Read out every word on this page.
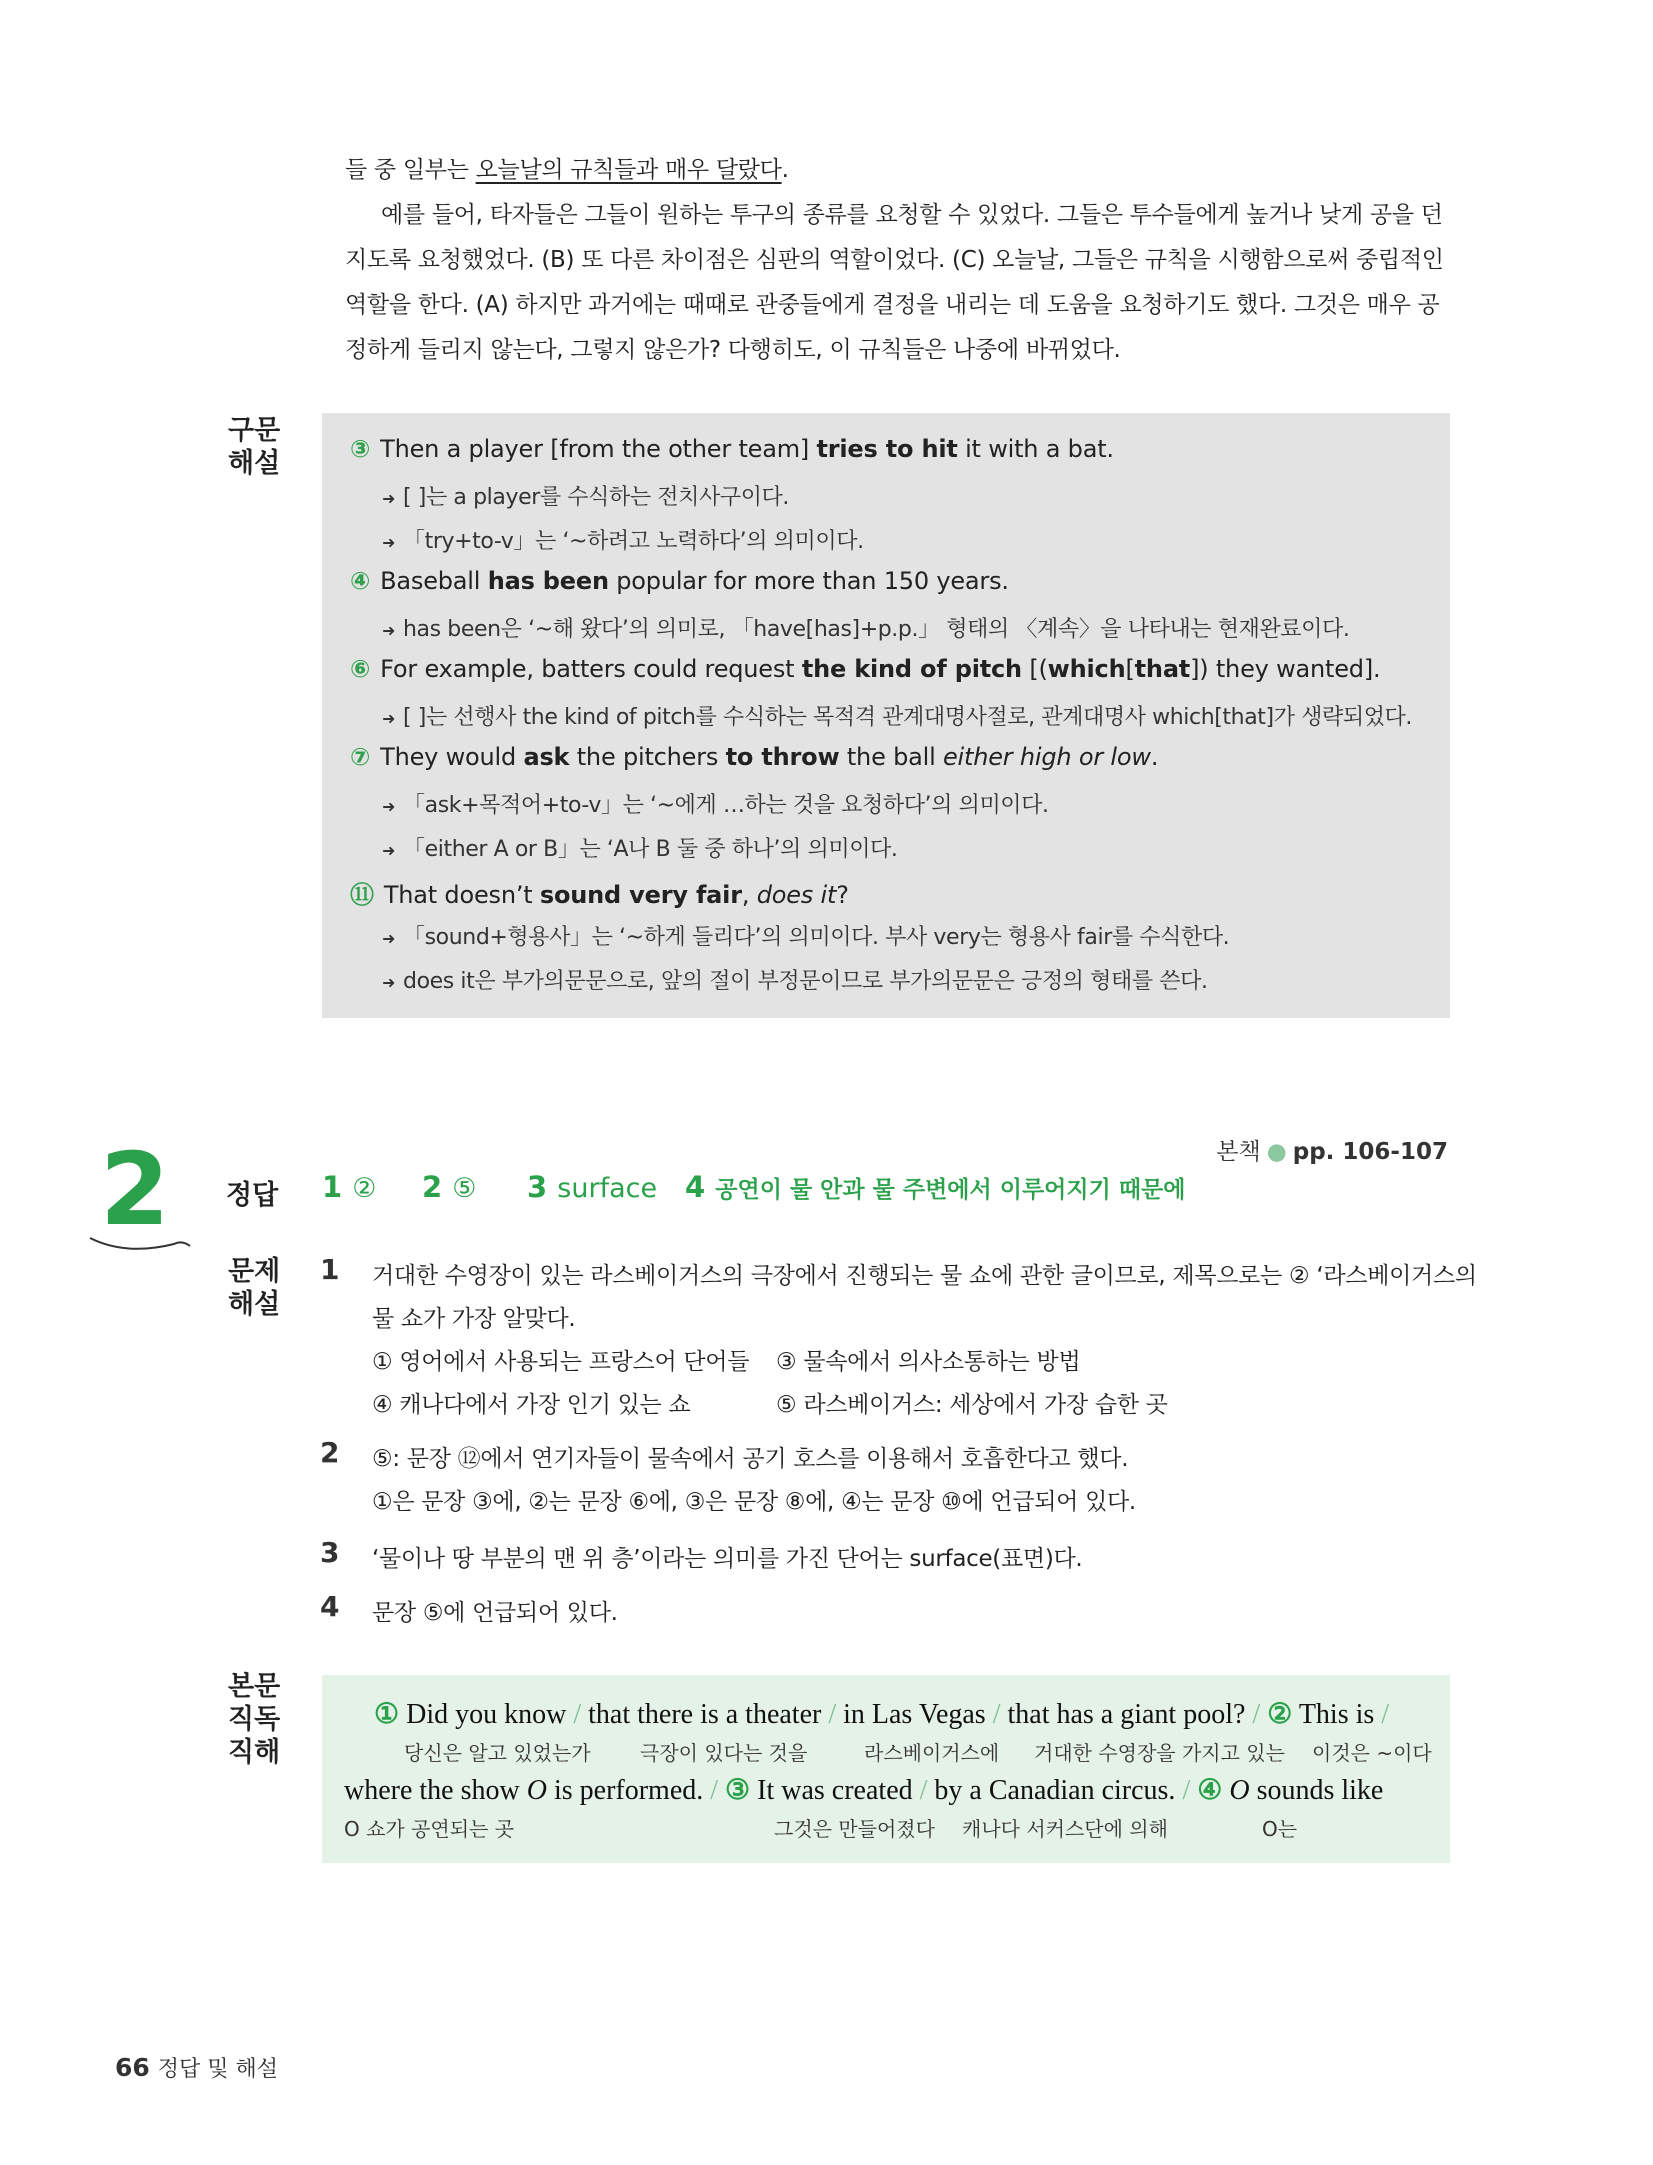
들 중 일부는 오늘날의 규칙들과 매우 달랐다.

예를 들어, 타자들은 그들이 원하는 투구의 종류를 요청할 수 있었다. 그들은 투수들에게 높거나 낮게 공을 던지도록 요청했었다. (B) 또 다른 차이점은 심판의 역할이었다. (C) 오늘날, 그들은 규칙을 시행함으로써 중립적인 역할을 한다. (A) 하지만 과거에는 때때로 관중들에게 결정을 내리는 데 도움을 요청하기도 했다. 그것은 매우 공정하게 들리지 않는다, 그렇지 않은가? 다행히도, 이 규칙들은 나중에 바뀌었다.

구문
해설	③ Then a player [from the other team] tries to hit it with a bat.
➜ [ ]는 a player를 수식하는 전치사구이다.
➜ 「try+to-v」는 ‘~하려고 노력하다’의 의미이다.
④ Baseball has been popular for more than 150 years.
➜ has been은 ‘~해 왔다’의 의미로, 「have[has]+p.p.」 형태의 〈계속〉을 나타내는 현재완료이다.
⑥ For example, batters could request the kind of pitch [(which[that]) they wanted].
➜ [ ]는 선행사 the kind of pitch를 수식하는 목적격 관계대명사절로, 관계대명사 which[that]가 생략되었다.
⑦ They would ask the pitchers to throw the ball either high or low.
➜ 「ask+목적어+to-v」는 ‘~에게 …하는 것을 요청하다’의 의미이다.
➜ 「either A or B」는 ‘A나 B 둘 중 하나’의 의미이다.
⑪ That doesn’t sound very fair, does it?
➜ 「sound+형용사」는 ‘~하게 들리다’의 의미이다. 부사 very는 형용사 fair를 수식한다.
➜ does it은 부가의문문으로, 앞의 절이 부정문이므로 부가의문문은 긍정의 형태를 쓴다.
2	본책 ● pp. 106-107
정답 1 ② 2 ⑤ 3 surface 4 공연이 물 안과 물 주변에서 이루어지기 때문에
문제
해설
1 거대한 수영장이 있는 라스베이거스의 극장에서 진행되는 물 쇼에 관한 글이므로, 제목으로는 ② ‘라스베이거스의
물 쇼가 가장 알맞다.
① 영어에서 사용되는 프랑스어 단어들 ③ 물속에서 의사소통하는 방법
④ 캐나다에서 가장 인기 있는 쇼	⑤ 라스베이거스: 세상에서 가장 습한 곳
2 ⑤: 문장 ⑫에서 연기자들이 물속에서 공기 호스를 이용해서 호흡한다고 했다.
①은 문장 ③에, ②는 문장 ⑥에, ③은 문장 ⑧에, ④는 문장 ⑩에 언급되어 있다.
3 ‘물이나 땅 부분의 맨 위 층’이라는 의미를 가진 단어는 surface(표면)다.
4 문장 ⑤에 언급되어 있다.
본문
직독
직해
① Did you know / that there is a theater / in Las Vegas / that has a giant pool? / ② This is /
당신은 알고 있었는가 극장이 있다는 것을	라스베이거스에 거대한 수영장을 가지고 있는 이것은 ~이다
where the show O is performed. / ③ It was created / by a Canadian circus. / ④ O sounds like
O 쇼가 공연되는 곳	그것은 만들어졌다 캐나다 서커스단에 의해	O는
66 정답 및 해설
